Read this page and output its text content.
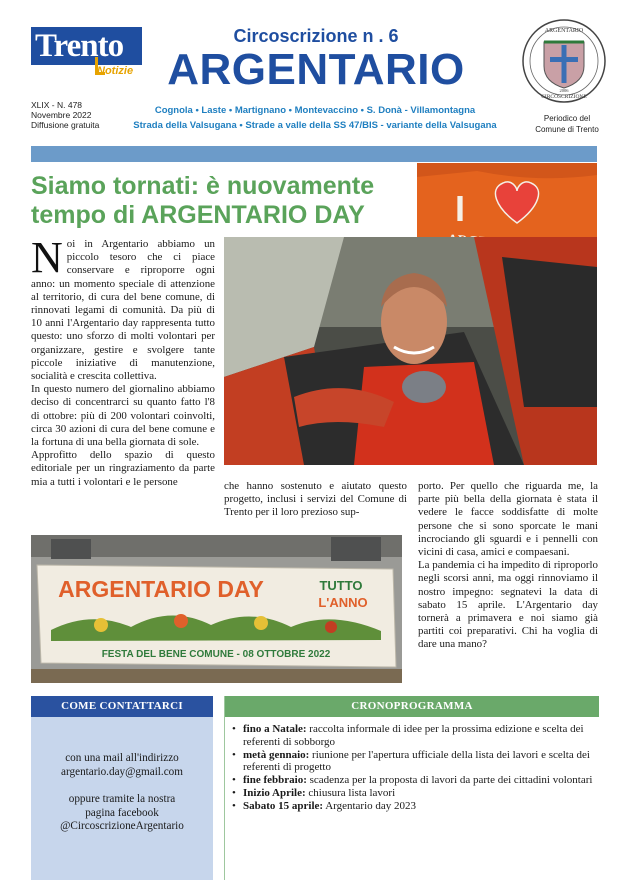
Trento
Notizie
XLIX - N. 478
Novembre 2022
Diffusione gratuita
Circoscrizione n . 6
ARGENTARIO
Cognola • Laste • Martignano • Montevaccino • S. Donà - Villamontagna
Strada della Valsugana • Strade a valle della SS 47/BIS - variante della Valsugana
ARGENTARIO
CIRCOSCRIZIONE
2006
Periodico del
Comune di Trento
Siamo tornati: è nuovamente tempo di ARGENTARIO DAY	I
ARGENTARIO DAY	TUTTO
L'ANNO
FESTA DEL BENE COMUNE - 08 OTTOBRE 2022

Noi in Argentario abbiamo un piccolo tesoro che ci piace conservare e riproporre ogni anno: un momento speciale di attenzione al territorio, di cura del bene comune, di rinnovati legami di comunità. Da più di 10 anni l'Argentario day rappresenta tutto questo: uno sforzo di molti volontari per organizzare, gestire e svolgere tante piccole iniziative di manutenzione, socialità e crescita collettiva.

In questo numero del giornalino abbiamo deciso di concentrarci su quanto fatto l'8 di ottobre: più di 200 volontari coinvolti, circa 30 azioni di cura del bene comune e la fortuna di una bella giornata di sole.

Approfitto dello spazio di questo editoriale per un ringraziamento da parte mia a tutti i volontari e le persone	che hanno sostenuto e aiutato questo progetto, inclusi i servizi del Comune di Trento per il loro prezioso sup-

porto. Per quello che riguarda me, la parte più bella della giornata è stata il vedere le facce soddisfatte di molte persone che si sono sporcate le mani incrociando gli sguardi e i pennelli con vicini di casa, amici e compaesani.

La pandemia ci ha impedito di riproporlo negli scorsi anni, ma oggi rinnoviamo il nostro impegno: segnatevi la data di sabato 15 aprile. L'Argentario day tornerà a primavera e noi siamo già partiti coi preparativi. Chi ha voglia di dare una mano?

COME CONTATTARCI
con una mail all'indirizzo
argentario.day@gmail.com
oppure tramite la nostra
pagina facebook
@CircoscrizioneArgentario
CRONOPROGRAMMA
• fino a Natale: raccolta informale di idee per la prossima edizione e scelta dei referenti di sobborgo
• metà gennaio: riunione per l'apertura ufficiale della lista dei lavori e scelta dei referenti di progetto
• fine febbraio: scadenza per la proposta di lavori da parte dei cittadini volontari
• Inizio Aprile: chiusura lista lavori
• Sabato 15 aprile: Argentario day 2023
